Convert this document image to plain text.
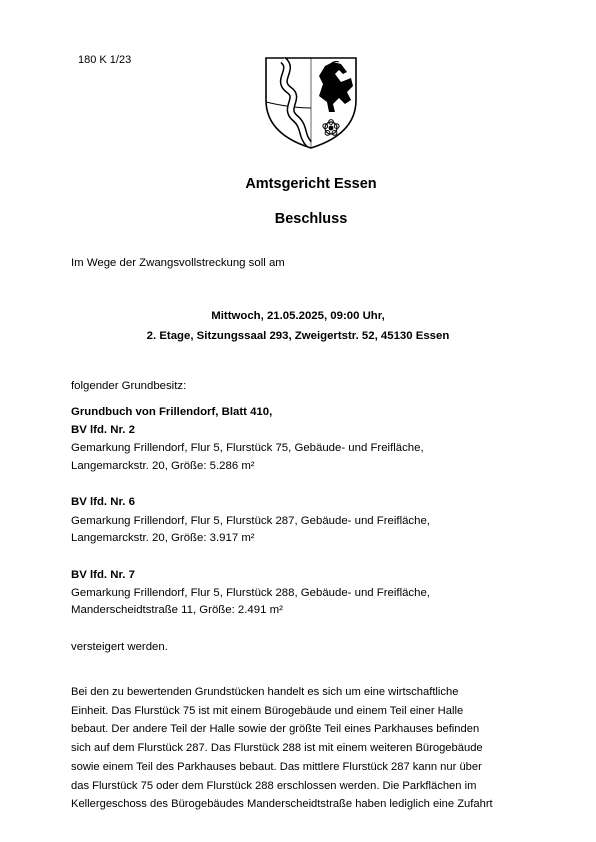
180 K 1/23
Amtsgericht Essen
Beschluss
Im Wege der Zwangsvollstreckung soll am
Mittwoch, 21.05.2025, 09:00 Uhr,
2. Etage, Sitzungssaal 293, Zweigertstr. 52, 45130 Essen
folgender Grundbesitz:
Grundbuch von Frillendorf, Blatt 410,
BV lfd. Nr. 2
Gemarkung Frillendorf, Flur 5, Flurstück 75, Gebäude- und Freifläche,
Langemarckstr. 20, Größe: 5.286 m²
BV lfd. Nr. 6
Gemarkung Frillendorf, Flur 5, Flurstück 287, Gebäude- und Freifläche,
Langemarckstr. 20, Größe: 3.917 m²
BV lfd. Nr. 7
Gemarkung Frillendorf, Flur 5, Flurstück 288, Gebäude- und Freifläche,
Manderscheidtstraße 11, Größe: 2.491 m²
versteigert werden.
Bei den zu bewertenden Grundstücken handelt es sich um eine wirtschaftliche
Einheit. Das Flurstück 75 ist mit einem Bürogebäude und einem Teil einer Halle
bebaut. Der andere Teil der Halle sowie der größte Teil eines Parkhauses befinden
sich auf dem Flurstück 287. Das Flurstück 288 ist mit einem weiteren Bürogebäude
sowie einem Teil des Parkhauses bebaut. Das mittlere Flurstück 287 kann nur über
das Flurstück 75 oder dem Flurstück 288 erschlossen werden. Die Parkflächen im
Kellergeschoss des Bürogebäudes Manderscheidtstraße haben lediglich eine Zufahrt
